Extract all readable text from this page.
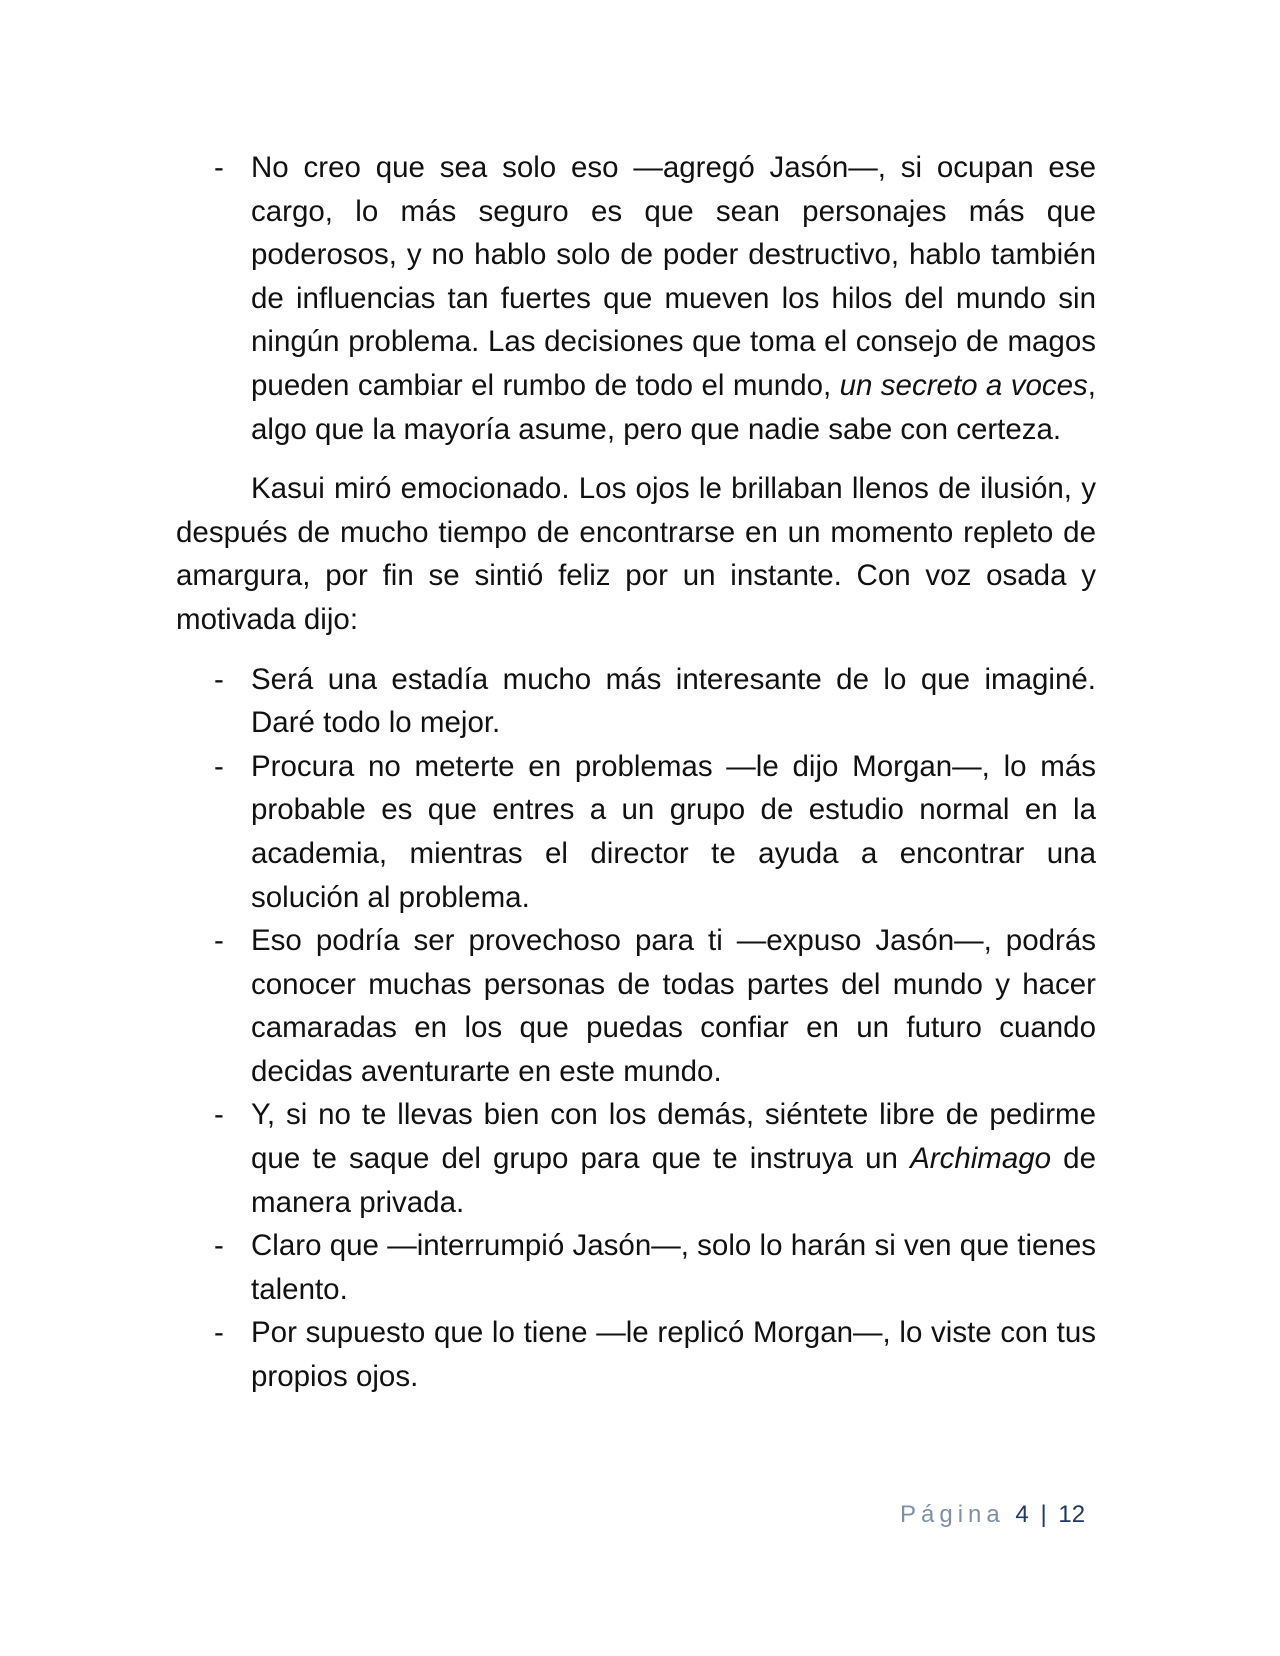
- No creo que sea solo eso —agregó Jasón—, si ocupan ese cargo, lo más seguro es que sean personajes más que poderosos, y no hablo solo de poder destructivo, hablo también de influencias tan fuertes que mueven los hilos del mundo sin ningún problema. Las decisiones que toma el consejo de magos pueden cambiar el rumbo de todo el mundo, un secreto a voces, algo que la mayoría asume, pero que nadie sabe con certeza.

Kasui miró emocionado. Los ojos le brillaban llenos de ilusión, y después de mucho tiempo de encontrarse en un momento repleto de amargura, por fin se sintió feliz por un instante. Con voz osada y motivada dijo:

- Será una estadía mucho más interesante de lo que imaginé. Daré todo lo mejor.
- Procura no meterte en problemas —le dijo Morgan—, lo más probable es que entres a un grupo de estudio normal en la academia, mientras el director te ayuda a encontrar una solución al problema.
- Eso podría ser provechoso para ti —expuso Jasón—, podrás conocer muchas personas de todas partes del mundo y hacer camaradas en los que puedas confiar en un futuro cuando decidas aventurarte en este mundo.
- Y, si no te llevas bien con los demás, siéntete libre de pedirme que te saque del grupo para que te instruya un Archimago de manera privada.
- Claro que —interrumpió Jasón—, solo lo harán si ven que tienes talento.
- Por supuesto que lo tiene —le replicó Morgan—, lo viste con tus propios ojos.
Página 4 | 12
